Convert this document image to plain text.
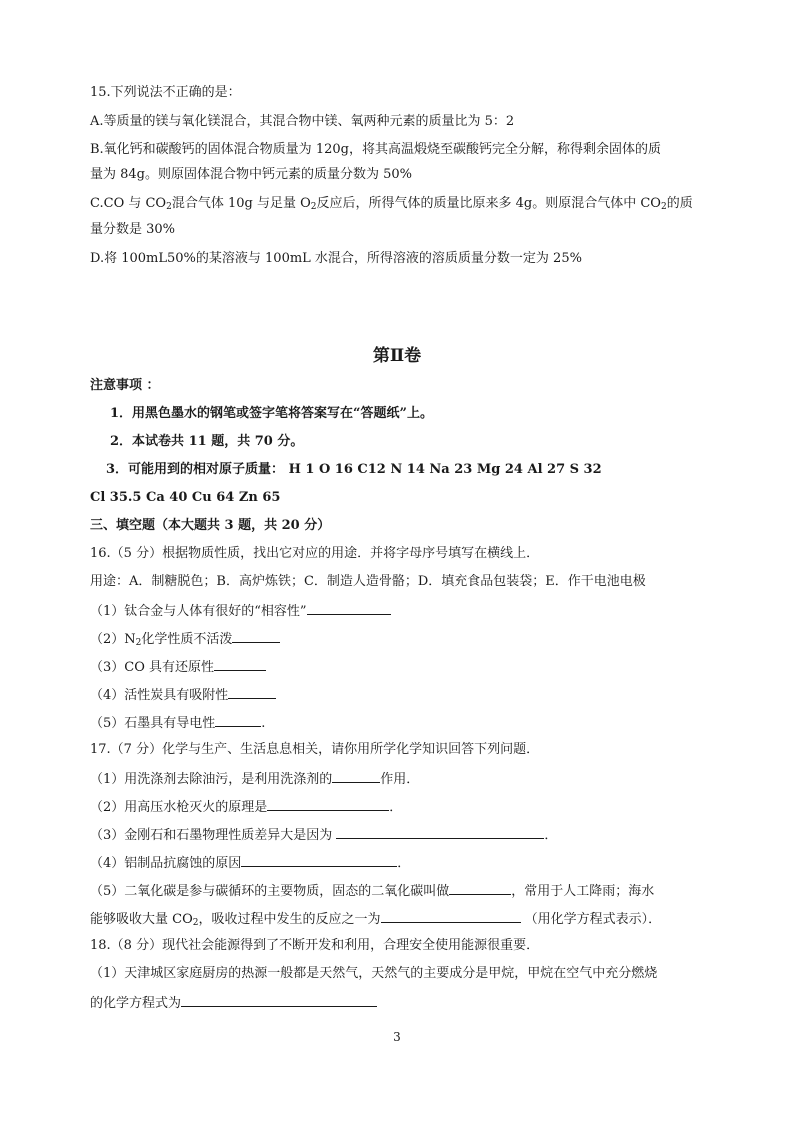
15.下列说法不正确的是：
A.等质量的镁与氧化镁混合，其混合物中镁、氧两种元素的质量比为 5：2
B.氧化钙和碳酸钙的固体混合物质量为 120g，将其高温煅烧至碳酸钙完全分解，称得剩余固体的质
量为 84g。则原固体混合物中钙元素的质量分数为 50%
C.CO 与 $CO_2$混合气体 10g 与足量 $O_2$反应后，所得气体的质量比原来多 4g。则原混合气体中 $CO_2$的质
量分数是 30%
D.将 100mL50%的某溶液与 100mL 水混合，所得溶液的溶质质量分数一定为 25%
第Ⅱ卷
注意事项 ：
1．用黑色墨水的钢笔或签字笔将答案写在“答题纸”上。
2．本试卷共 11 题，共 70 分。
3．可能用到的相对原子质量： H 1 O 16 C12 N 14 Na 23 Mg 24 Al 27 S 32
Cl 35.5 Ca 40 Cu 64 Zn 65
三、填空题（本大题共 3 题，共 20 分）
16.（5 分）根据物质性质，找出它对应的用途．并将字母序号填写在横线上．
用途：A．制糖脱色；B．高炉炼铁；C．制造人造骨骼；D．填充食品包装袋；E．作干电池电极
（1）钛合金与人体有很好的“相容性”
$(2)N_2$化学性质不活泼
（3）CO 具有还原性
（4）活性炭具有吸附性
（5）石墨具有导电性	.
17.（7 分）化学与生产、生活息息相关，请你用所学化学知识回答下列问题．
（1）用洗涤剂去除油污，是利用洗涤剂的	作用．
（2）用高压水枪灭火的原理是	．
（3）金刚石和石墨物理性质差异大是因为	．
（4）铝制品抗腐蚀的原因	．
（5）二氧化碳是参与碳循环的主要物质，固态的二氧化碳叫做	，常用于人工降雨；海水
能够吸收大量 $CO_2$，吸收过程中发生的反应之一为	（用化学方程式表示）．
18.（8 分）现代社会能源得到了不断开发和利用，合理安全使用能源很重要．
（1）天津城区家庭厨房的热源一般都是天然气，天然气的主要成分是甲烷，甲烷在空气中充分燃烧
的化学方程式为
3
